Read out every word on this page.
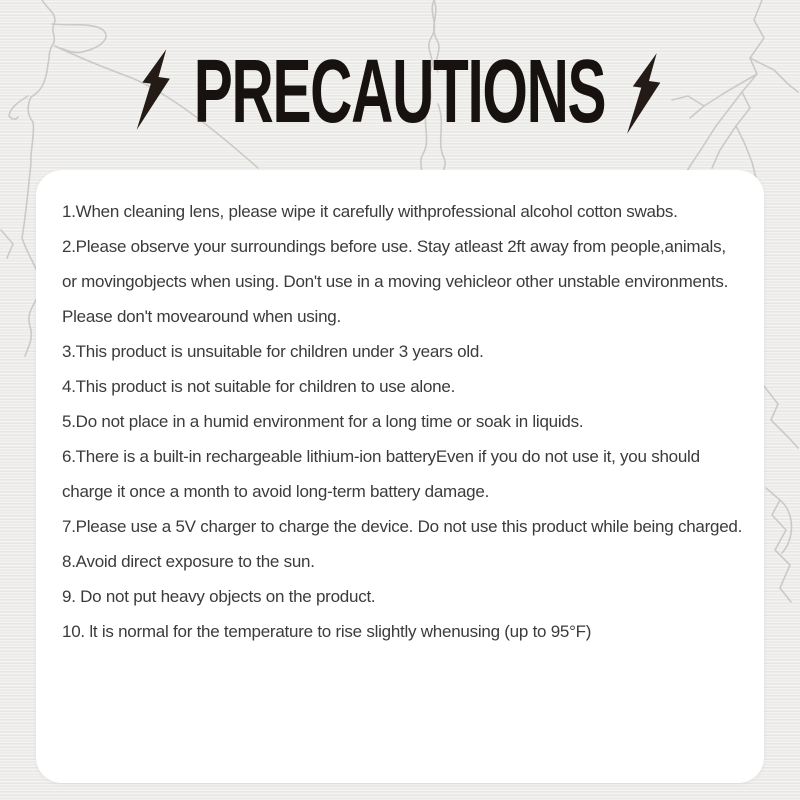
PRECAUTIONS
1.When cleaning lens, please wipe it carefully withprofessional alcohol cotton swabs.
2.Please observe your surroundings before use. Stay atleast 2ft away from people,animals,
or movingobjects when using. Don't use in a moving vehicleor other unstable environments.
Please don't movearound when using.
3.This product is unsuitable for children under 3 years old.
4.This product is not suitable for children to use alone.
5.Do not place in a humid environment for a long time or soak in liquids.
6.There is a built-in rechargeable lithium-ion batteryEven if you do not use it, you should
charge it once a month to avoid long-term battery damage.
7.Please use a 5V charger to charge the device. Do not use this product while being charged.
8.Avoid direct exposure to the sun.
9. Do not put heavy objects on the product.
10. lt is normal for the temperature to rise slightly whenusing (up to 95°F)
